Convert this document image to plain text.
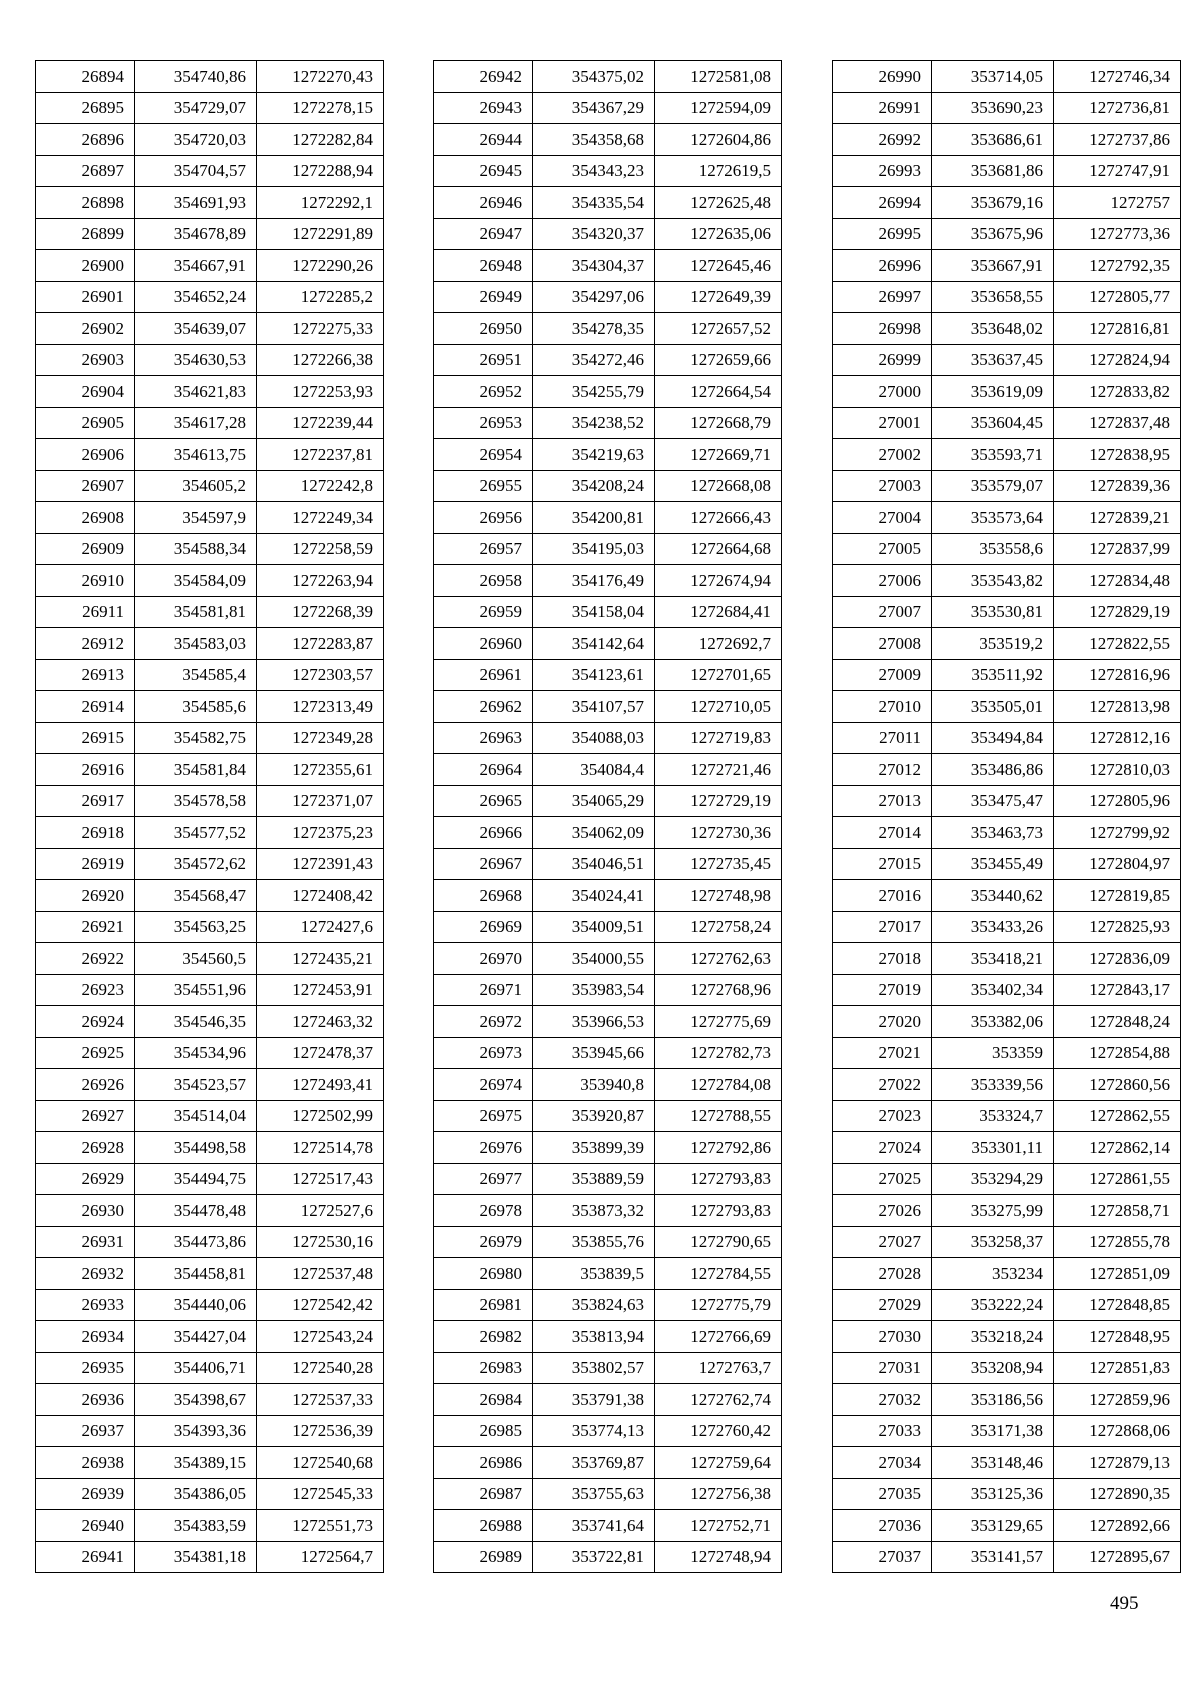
26894	354740,86	1272270,43
26895	354729,07	1272278,15
26896	354720,03	1272282,84
26897	354704,57	1272288,94
26898	354691,93	1272292,1
26899	354678,89	1272291,89
26900	354667,91	1272290,26
26901	354652,24	1272285,2
26902	354639,07	1272275,33
26903	354630,53	1272266,38
26904	354621,83	1272253,93
26905	354617,28	1272239,44
26906	354613,75	1272237,81
26907	354605,2	1272242,8
26908	354597,9	1272249,34
26909	354588,34	1272258,59
26910	354584,09	1272263,94
26911	354581,81	1272268,39
26912	354583,03	1272283,87
26913	354585,4	1272303,57
26914	354585,6	1272313,49
26915	354582,75	1272349,28
26916	354581,84	1272355,61
26917	354578,58	1272371,07
26918	354577,52	1272375,23
26919	354572,62	1272391,43
26920	354568,47	1272408,42
26921	354563,25	1272427,6
26922	354560,5	1272435,21
26923	354551,96	1272453,91
26924	354546,35	1272463,32
26925	354534,96	1272478,37
26926	354523,57	1272493,41
26927	354514,04	1272502,99
26928	354498,58	1272514,78
26929	354494,75	1272517,43
26930	354478,48	1272527,6
26931	354473,86	1272530,16
26932	354458,81	1272537,48
26933	354440,06	1272542,42
26934	354427,04	1272543,24
26935	354406,71	1272540,28
26936	354398,67	1272537,33
26937	354393,36	1272536,39
26938	354389,15	1272540,68
26939	354386,05	1272545,33
26940	354383,59	1272551,73
26941	354381,18	1272564,7
26942	354375,02	1272581,08
26943	354367,29	1272594,09
26944	354358,68	1272604,86
26945	354343,23	1272619,5
26946	354335,54	1272625,48
26947	354320,37	1272635,06
26948	354304,37	1272645,46
26949	354297,06	1272649,39
26950	354278,35	1272657,52
26951	354272,46	1272659,66
26952	354255,79	1272664,54
26953	354238,52	1272668,79
26954	354219,63	1272669,71
26955	354208,24	1272668,08
26956	354200,81	1272666,43
26957	354195,03	1272664,68
26958	354176,49	1272674,94
26959	354158,04	1272684,41
26960	354142,64	1272692,7
26961	354123,61	1272701,65
26962	354107,57	1272710,05
26963	354088,03	1272719,83
26964	354084,4	1272721,46
26965	354065,29	1272729,19
26966	354062,09	1272730,36
26967	354046,51	1272735,45
26968	354024,41	1272748,98
26969	354009,51	1272758,24
26970	354000,55	1272762,63
26971	353983,54	1272768,96
26972	353966,53	1272775,69
26973	353945,66	1272782,73
26974	353940,8	1272784,08
26975	353920,87	1272788,55
26976	353899,39	1272792,86
26977	353889,59	1272793,83
26978	353873,32	1272793,83
26979	353855,76	1272790,65
26980	353839,5	1272784,55
26981	353824,63	1272775,79
26982	353813,94	1272766,69
26983	353802,57	1272763,7
26984	353791,38	1272762,74
26985	353774,13	1272760,42
26986	353769,87	1272759,64
26987	353755,63	1272756,38
26988	353741,64	1272752,71
26989	353722,81	1272748,94
26990	353714,05	1272746,34
26991	353690,23	1272736,81
26992	353686,61	1272737,86
26993	353681,86	1272747,91
26994	353679,16	1272757
26995	353675,96	1272773,36
26996	353667,91	1272792,35
26997	353658,55	1272805,77
26998	353648,02	1272816,81
26999	353637,45	1272824,94
27000	353619,09	1272833,82
27001	353604,45	1272837,48
27002	353593,71	1272838,95
27003	353579,07	1272839,36
27004	353573,64	1272839,21
27005	353558,6	1272837,99
27006	353543,82	1272834,48
27007	353530,81	1272829,19
27008	353519,2	1272822,55
27009	353511,92	1272816,96
27010	353505,01	1272813,98
27011	353494,84	1272812,16
27012	353486,86	1272810,03
27013	353475,47	1272805,96
27014	353463,73	1272799,92
27015	353455,49	1272804,97
27016	353440,62	1272819,85
27017	353433,26	1272825,93
27018	353418,21	1272836,09
27019	353402,34	1272843,17
27020	353382,06	1272848,24
27021	353359	1272854,88
27022	353339,56	1272860,56
27023	353324,7	1272862,55
27024	353301,11	1272862,14
27025	353294,29	1272861,55
27026	353275,99	1272858,71
27027	353258,37	1272855,78
27028	353234	1272851,09
27029	353222,24	1272848,85
27030	353218,24	1272848,95
27031	353208,94	1272851,83
27032	353186,56	1272859,96
27033	353171,38	1272868,06
27034	353148,46	1272879,13
27035	353125,36	1272890,35
27036	353129,65	1272892,66
27037	353141,57	1272895,67
495
